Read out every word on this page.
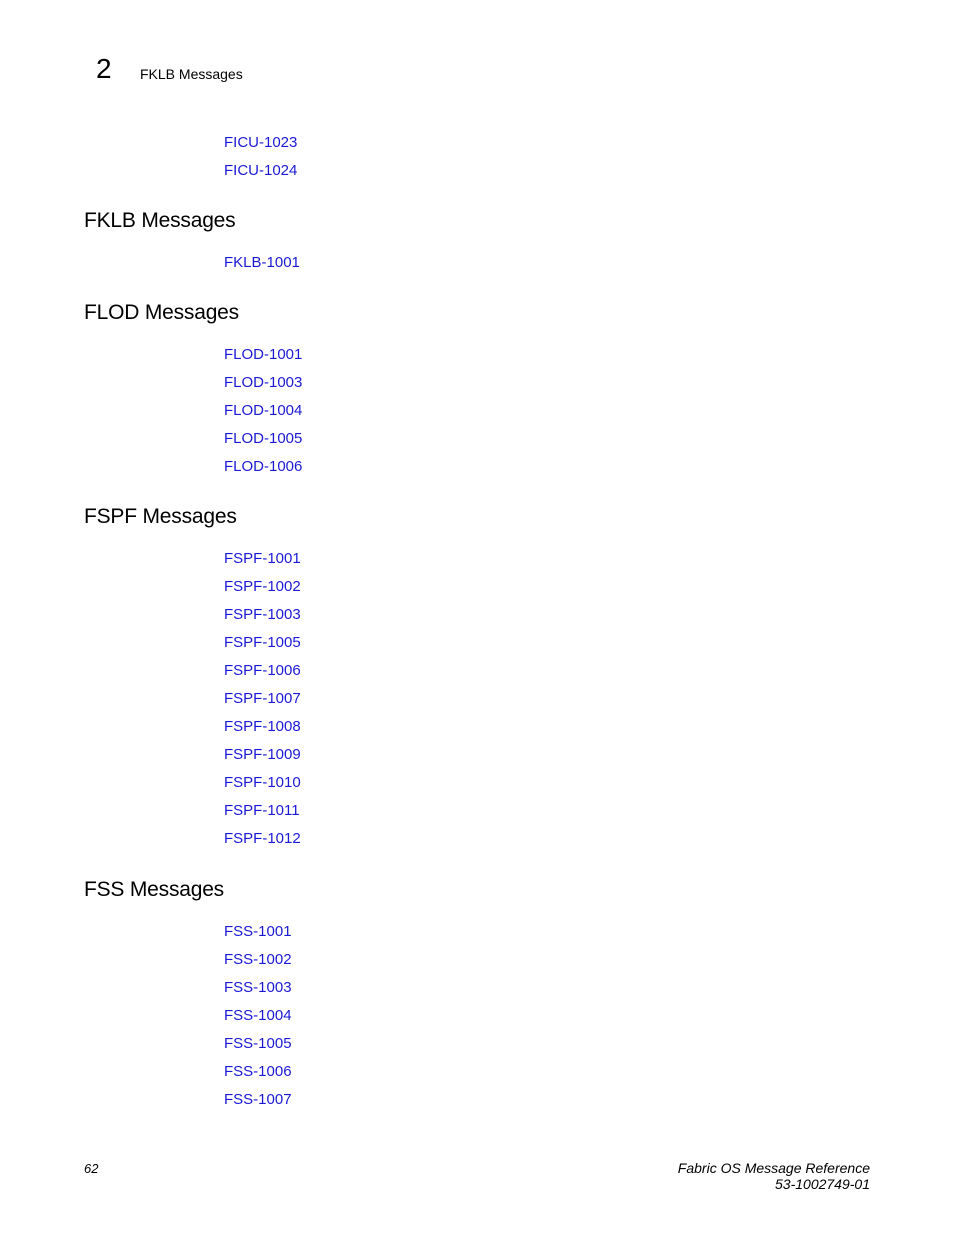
2 FKLB Messages
FICU-1023
FICU-1024
FKLB Messages
FKLB-1001
FLOD Messages
FLOD-1001
FLOD-1003
FLOD-1004
FLOD-1005
FLOD-1006
FSPF Messages
FSPF-1001
FSPF-1002
FSPF-1003
FSPF-1005
FSPF-1006
FSPF-1007
FSPF-1008
FSPF-1009
FSPF-1010
FSPF-1011
FSPF-1012
FSS Messages
FSS-1001
FSS-1002
FSS-1003
FSS-1004
FSS-1005
FSS-1006
FSS-1007
62	Fabric OS Message Reference
53-1002749-01
